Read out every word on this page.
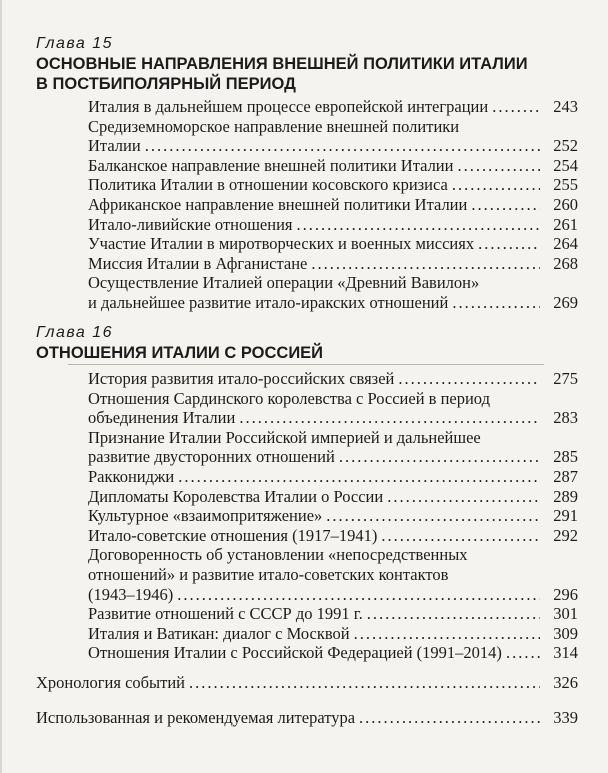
Глава 15
ОСНОВНЫЕ НАПРАВЛЕНИЯ ВНЕШНЕЙ ПОЛИТИКИ ИТАЛИИ
В ПОСТБИПОЛЯРНЫЙ ПЕРИОД
Италия в дальнейшем процессе европейской интеграции .....	243
Средиземноморское направление внешней политики
Италии .....	252
Балканское направление внешней политики Италии .....	254
Политика Италии в отношении косовского кризиса .....	255
Африканское направление внешней политики Италии .....	260
Итало-ливийские отношения .....	261
Участие Италии в миротворческих и военных миссиях .....	264
Миссия Италии в Афганистане .....	268
Осуществление Италией операции «Древний Вавилон»
и дальнейшее развитие итало-иракских отношений .....	269
Глава 16
ОТНОШЕНИЯ ИТАЛИИ С РОССИЕЙ
История развития итало-российских связей .....	275
Отношения Сардинского королевства с Россией в период
объединения Италии .....	283
Признание Италии Российской империей и дальнейшее
развитие двусторонних отношений .....	285
Раккониджи .....	287
Дипломаты Королевства Италии о России .....	289
Культурное «взаимопритяжение» .....	291
Итало-советские отношения (1917–1941) .....	292
Договоренность об установлении «непосредственных
отношений» и развитие итало-советских контактов
(1943–1946) .....	296
Развитие отношений с СССР до 1991 г. .....	301
Италия и Ватикан: диалог с Москвой .....	309
Отношения Италии с Российской Федерацией (1991–2014) .....	314
Хронология событий .....	326
Использованная и рекомендуемая литература .....	339
